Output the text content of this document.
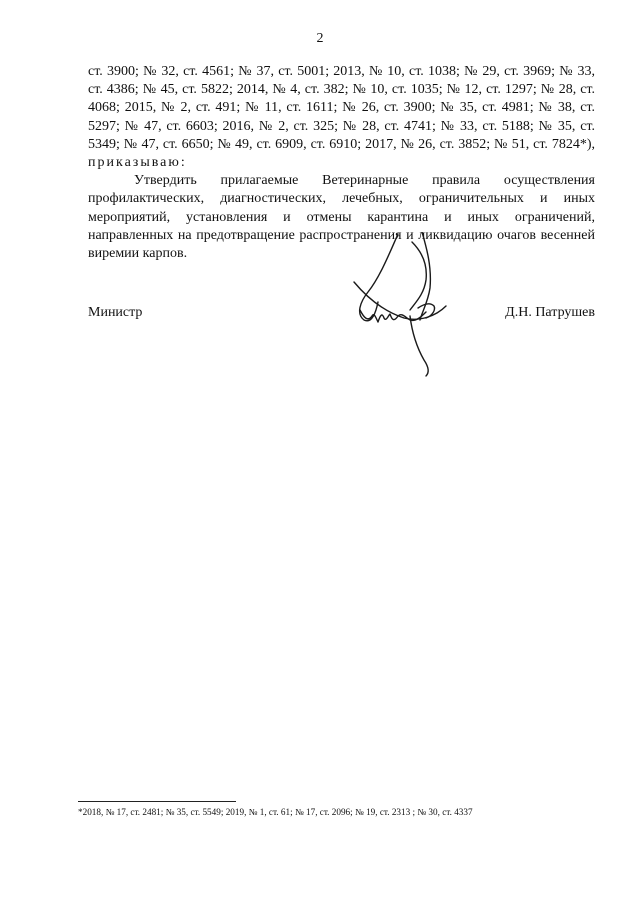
2

ст. 3900; № 32, ст. 4561; № 37, ст. 5001; 2013, № 10, ст. 1038; № 29, ст. 3969; № 33, ст. 4386; № 45, ст. 5822; 2014, № 4, ст. 382; № 10, ст. 1035; № 12, ст. 1297; № 28, ст. 4068; 2015, № 2, ст. 491; № 11, ст. 1611; № 26, ст. 3900; № 35, ст. 4981; № 38, ст. 5297; № 47, ст. 6603; 2016, № 2, ст. 325; № 28, ст. 4741; № 33, ст. 5188; № 35, ст. 5349; № 47, ст. 6650; № 49, ст. 6909, ст. 6910; 2017, № 26, ст. 3852; № 51, ст. 7824*), приказываю:

Утвердить прилагаемые Ветеринарные правила осуществления профилактических, диагностических, лечебных, ограничительных и иных мероприятий, установления и отмены карантина и иных ограничений, направленных на предотвращение распространения и ликвидацию очагов весенней виремии карпов.

Министр	Д.Н. Патрушев
*2018, № 17, ст. 2481; № 35, ст. 5549; 2019, № 1, ст. 61; № 17, ст. 2096; № 19, ст. 2313 ; № 30, ст. 4337
